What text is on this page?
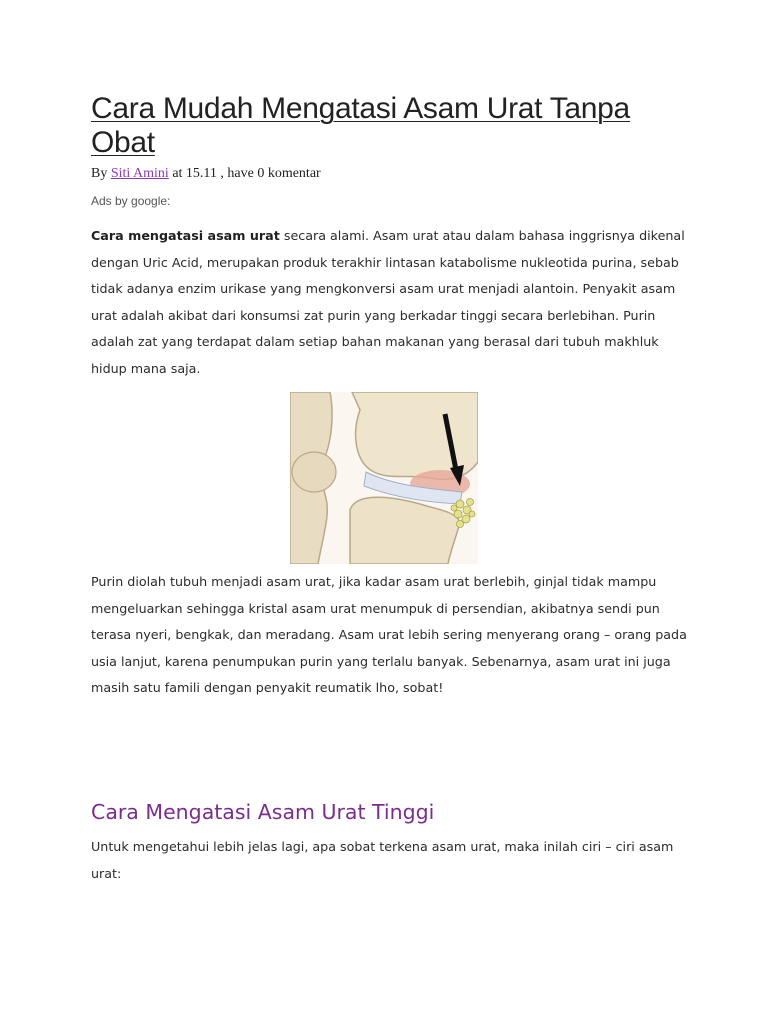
Cara Mudah Mengatasi Asam Urat Tanpa Obat
By Siti Amini at 15.11 , have 0 komentar
Ads by google:

Cara mengatasi asam urat secara alami. Asam urat atau dalam bahasa inggrisnya dikenal dengan Uric Acid, merupakan produk terakhir lintasan katabolisme nukleotida purina, sebab tidak adanya enzim urikase yang mengkonversi asam urat menjadi alantoin. Penyakit asam urat adalah akibat dari konsumsi zat purin yang berkadar tinggi secara berlebihan. Purin adalah zat yang terdapat dalam setiap bahan makanan yang berasal dari tubuh makhluk hidup mana saja.

Purin diolah tubuh menjadi asam urat, jika kadar asam urat berlebih, ginjal tidak mampu mengeluarkan sehingga kristal asam urat menumpuk di persendian, akibatnya sendi pun terasa nyeri, bengkak, dan meradang. Asam urat lebih sering menyerang orang – orang pada usia lanjut, karena penumpukan purin yang terlalu banyak. Sebenarnya, asam urat ini juga masih satu famili dengan penyakit reumatik lho, sobat!

Cara Mengatasi Asam Urat Tinggi

Untuk mengetahui lebih jelas lagi, apa sobat terkena asam urat, maka inilah ciri – ciri asam urat:
